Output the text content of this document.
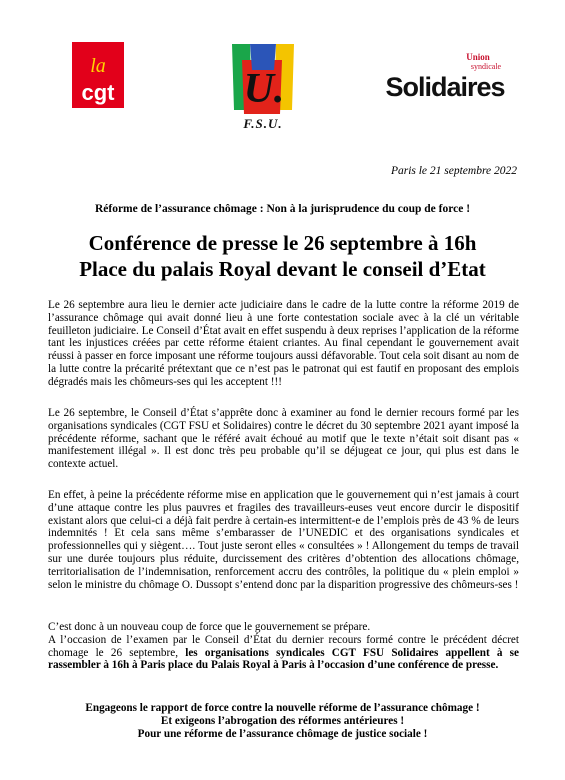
la
cgt	U.
F.S.U.
Union
syndicale
Solidaires
Paris le 21 septembre 2022
Réforme de l’assurance chômage : Non à la jurisprudence du coup de force !
Conférence de presse le 26 septembre à 16h
Place du palais Royal devant le conseil d’Etat
Le 26 septembre aura lieu le dernier acte judiciaire dans le cadre de la lutte contre la réforme 2019 de l’assurance chômage qui avait donné lieu à une forte contestation sociale avec à la clé un véritable feuilleton judiciaire. Le Conseil d’État avait en effet suspendu à deux reprises l’application de la réforme tant les injustices créées par cette réforme étaient criantes. Au final cependant le gouvernement avait réussi à passer en force imposant une réforme toujours aussi défavorable. Tout cela soit disant au nom de la lutte contre la précarité prétextant que ce n’est pas le patronat qui est fautif en proposant des emplois dégradés mais les chômeurs-ses qui les acceptent !!!
Le 26 septembre, le Conseil d’État s’apprête donc à examiner au fond le dernier recours formé par les organisations syndicales (CGT FSU et Solidaires) contre le décret du 30 septembre 2021 ayant imposé la précédente réforme, sachant que le référé avait échoué au motif que le texte n’était soit disant pas « manifestement illégal ». Il est donc très peu probable qu’il se déjugeat ce jour, qui plus est dans le contexte actuel.
En effet, à peine la précédente réforme mise en application que le gouvernement qui n’est jamais à court d’une attaque contre les plus pauvres et fragiles des travailleurs-euses veut encore durcir le dispositif existant alors que celui-ci a déjà fait perdre à certain-es intermittent-e de l’emplois près de 43 % de leurs indemnités ! Et cela sans même s’embarasser de l’UNEDIC et des organisations syndicales et professionnelles qui y siègent…. Tout juste seront elles « consultées » ! Allongement du temps de travail sur une durée toujours plus réduite, durcissement des critères d’obtention des allocations chômage, territorialisation de l’indemnisation, renforcement accru des contrôles, la politique du « plein emploi » selon le ministre du chômage O. Dussopt s’entend donc par la disparition progressive des chômeurs-ses !
C’est donc à un nouveau coup de force que le gouvernement se prépare.
A l’occasion de l’examen par le Conseil d’État du dernier recours formé contre le précédent décret chomage le 26 septembre, les organisations syndicales CGT FSU Solidaires appellent à se rassembler à 16h à Paris place du Palais Royal à Paris à l’occasion d’une conférence de presse.
Engageons le rapport de force contre la nouvelle réforme de l’assurance chômage !
Et exigeons l’abrogation des réformes antérieures !
Pour une réforme de l’assurance chômage de justice sociale !
